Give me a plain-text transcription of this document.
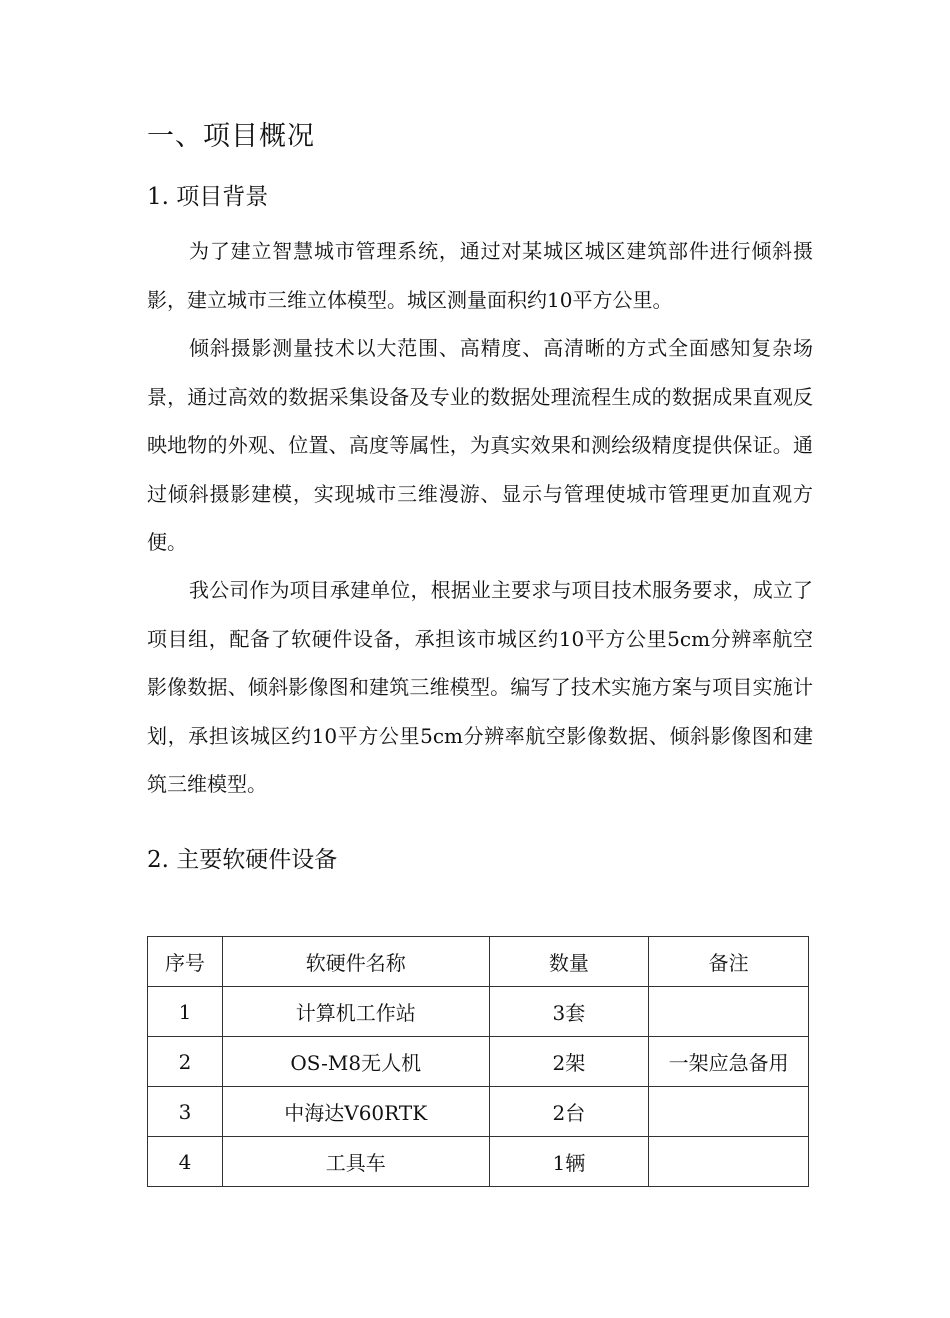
一、项目概况
1. 项目背景

为了建立智慧城市管理系统，通过对某城区城区建筑部件进行倾斜摄影，建立城市三维立体模型。城区测量面积约10平方公里。

倾斜摄影测量技术以大范围、高精度、高清晰的方式全面感知复杂场景，通过高效的数据采集设备及专业的数据处理流程生成的数据成果直观反映地物的外观、位置、高度等属性，为真实效果和测绘级精度提供保证。通过倾斜摄影建模，实现城市三维漫游、显示与管理使城市管理更加直观方便。

我公司作为项目承建单位，根据业主要求与项目技术服务要求，成立了项目组，配备了软硬件设备，承担该市城区约10平方公里5cm分辨率航空影像数据、倾斜影像图和建筑三维模型。编写了技术实施方案与项目实施计划，承担该城区约10平方公里5cm分辨率航空影像数据、倾斜影像图和建筑三维模型。

2. 主要软硬件设备
序号	软硬件名称	数量	备注
1	计算机工作站	3套	
2	OS-M8无人机	2架	一架应急备用
3	中海达V60RTK	2台	
4	工具车	1辆	
